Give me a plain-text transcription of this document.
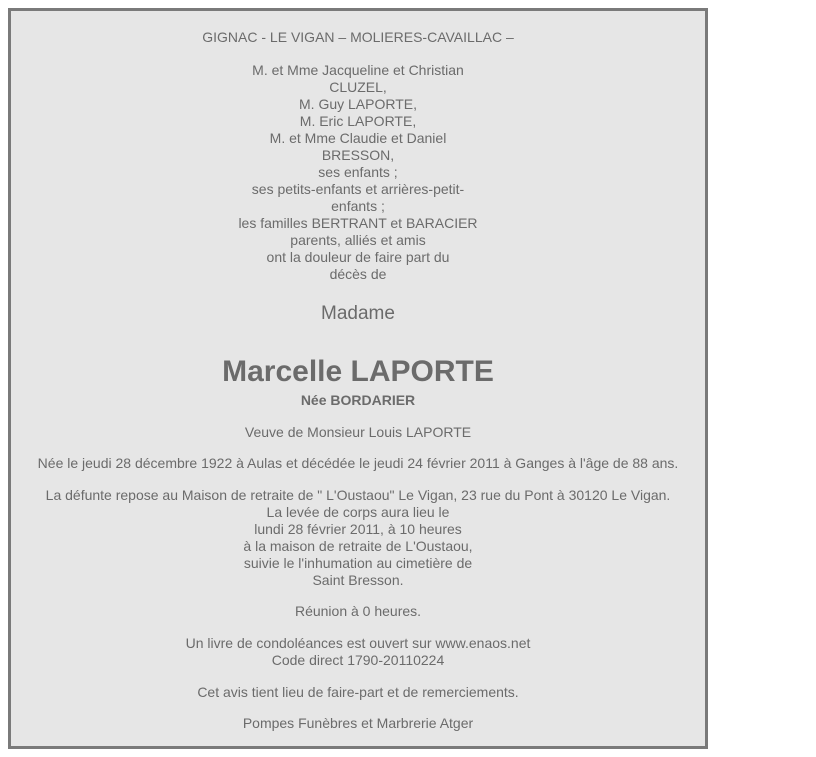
GIGNAC - LE VIGAN – MOLIERES-CAVAILLAC –
M. et Mme Jacqueline et Christian
CLUZEL,
M. Guy LAPORTE,
M. Eric LAPORTE,
M. et Mme Claudie et Daniel
BRESSON,
ses enfants ;
ses petits-enfants et arrières-petit-
enfants ;
les familles BERTRANT et BARACIER
parents, alliés et amis
ont la douleur de faire part du
décès de
Madame
Marcelle LAPORTE
Née BORDARIER
Veuve de Monsieur Louis LAPORTE
Née le jeudi 28 décembre 1922 à Aulas et décédée le jeudi 24 février 2011 à Ganges à l'âge de 88 ans.
La défunte repose au Maison de retraite de " L'Oustaou" Le Vigan, 23 rue du Pont à 30120 Le Vigan.
La levée de corps aura lieu le
lundi 28 février 2011, à 10 heures
à la maison de retraite de L'Oustaou,
suivie le l'inhumation au cimetière de
Saint Bresson.
Réunion à 0 heures.
Un livre de condoléances est ouvert sur www.enaos.net
Code direct 1790-20110224
Cet avis tient lieu de faire-part et de remerciements.
Pompes Funèbres et Marbrerie Atger
